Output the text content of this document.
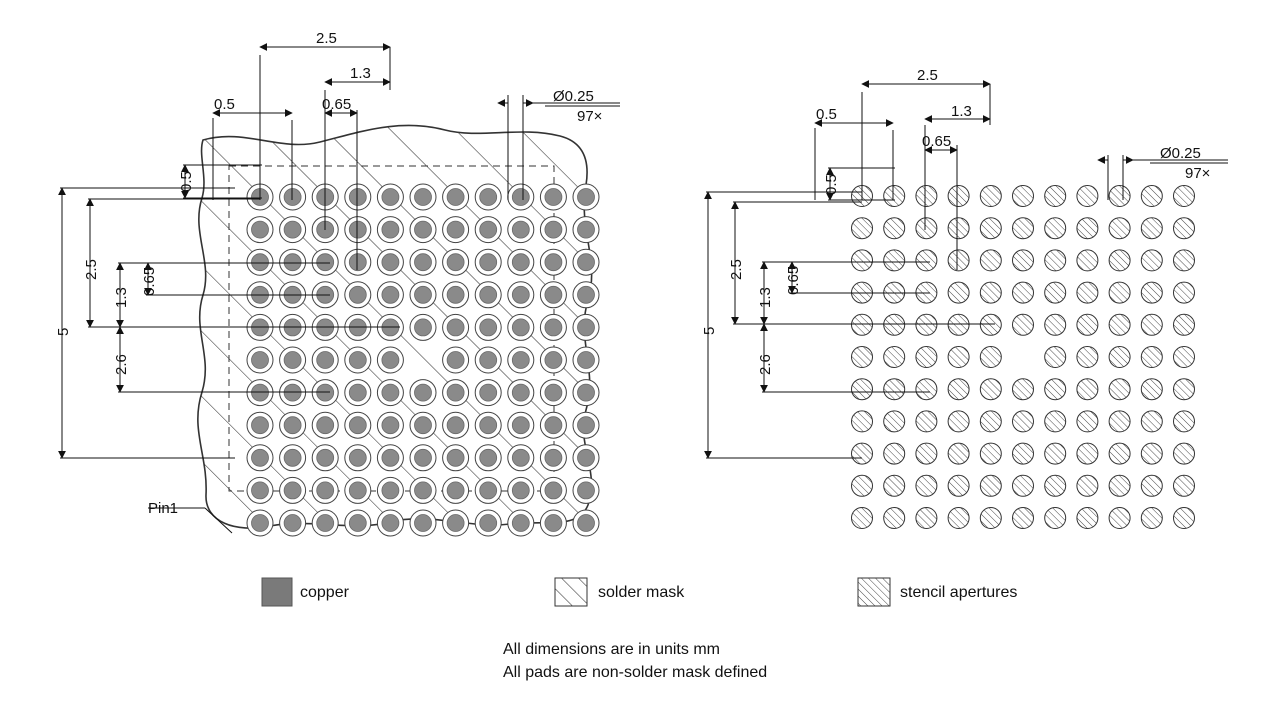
2.5
1.3
0.5	0.65	Ø0.25
97×
5
2.5
1.3
0.65
2.6
0.5
Pin1
2.5
1.3
0.5
0.65
Ø0.25
97×
5
2.5
1.3
0.65
2.6
0.5
copper	solder mask	stencil apertures
All dimensions are in units mm
All pads are non-solder mask defined
